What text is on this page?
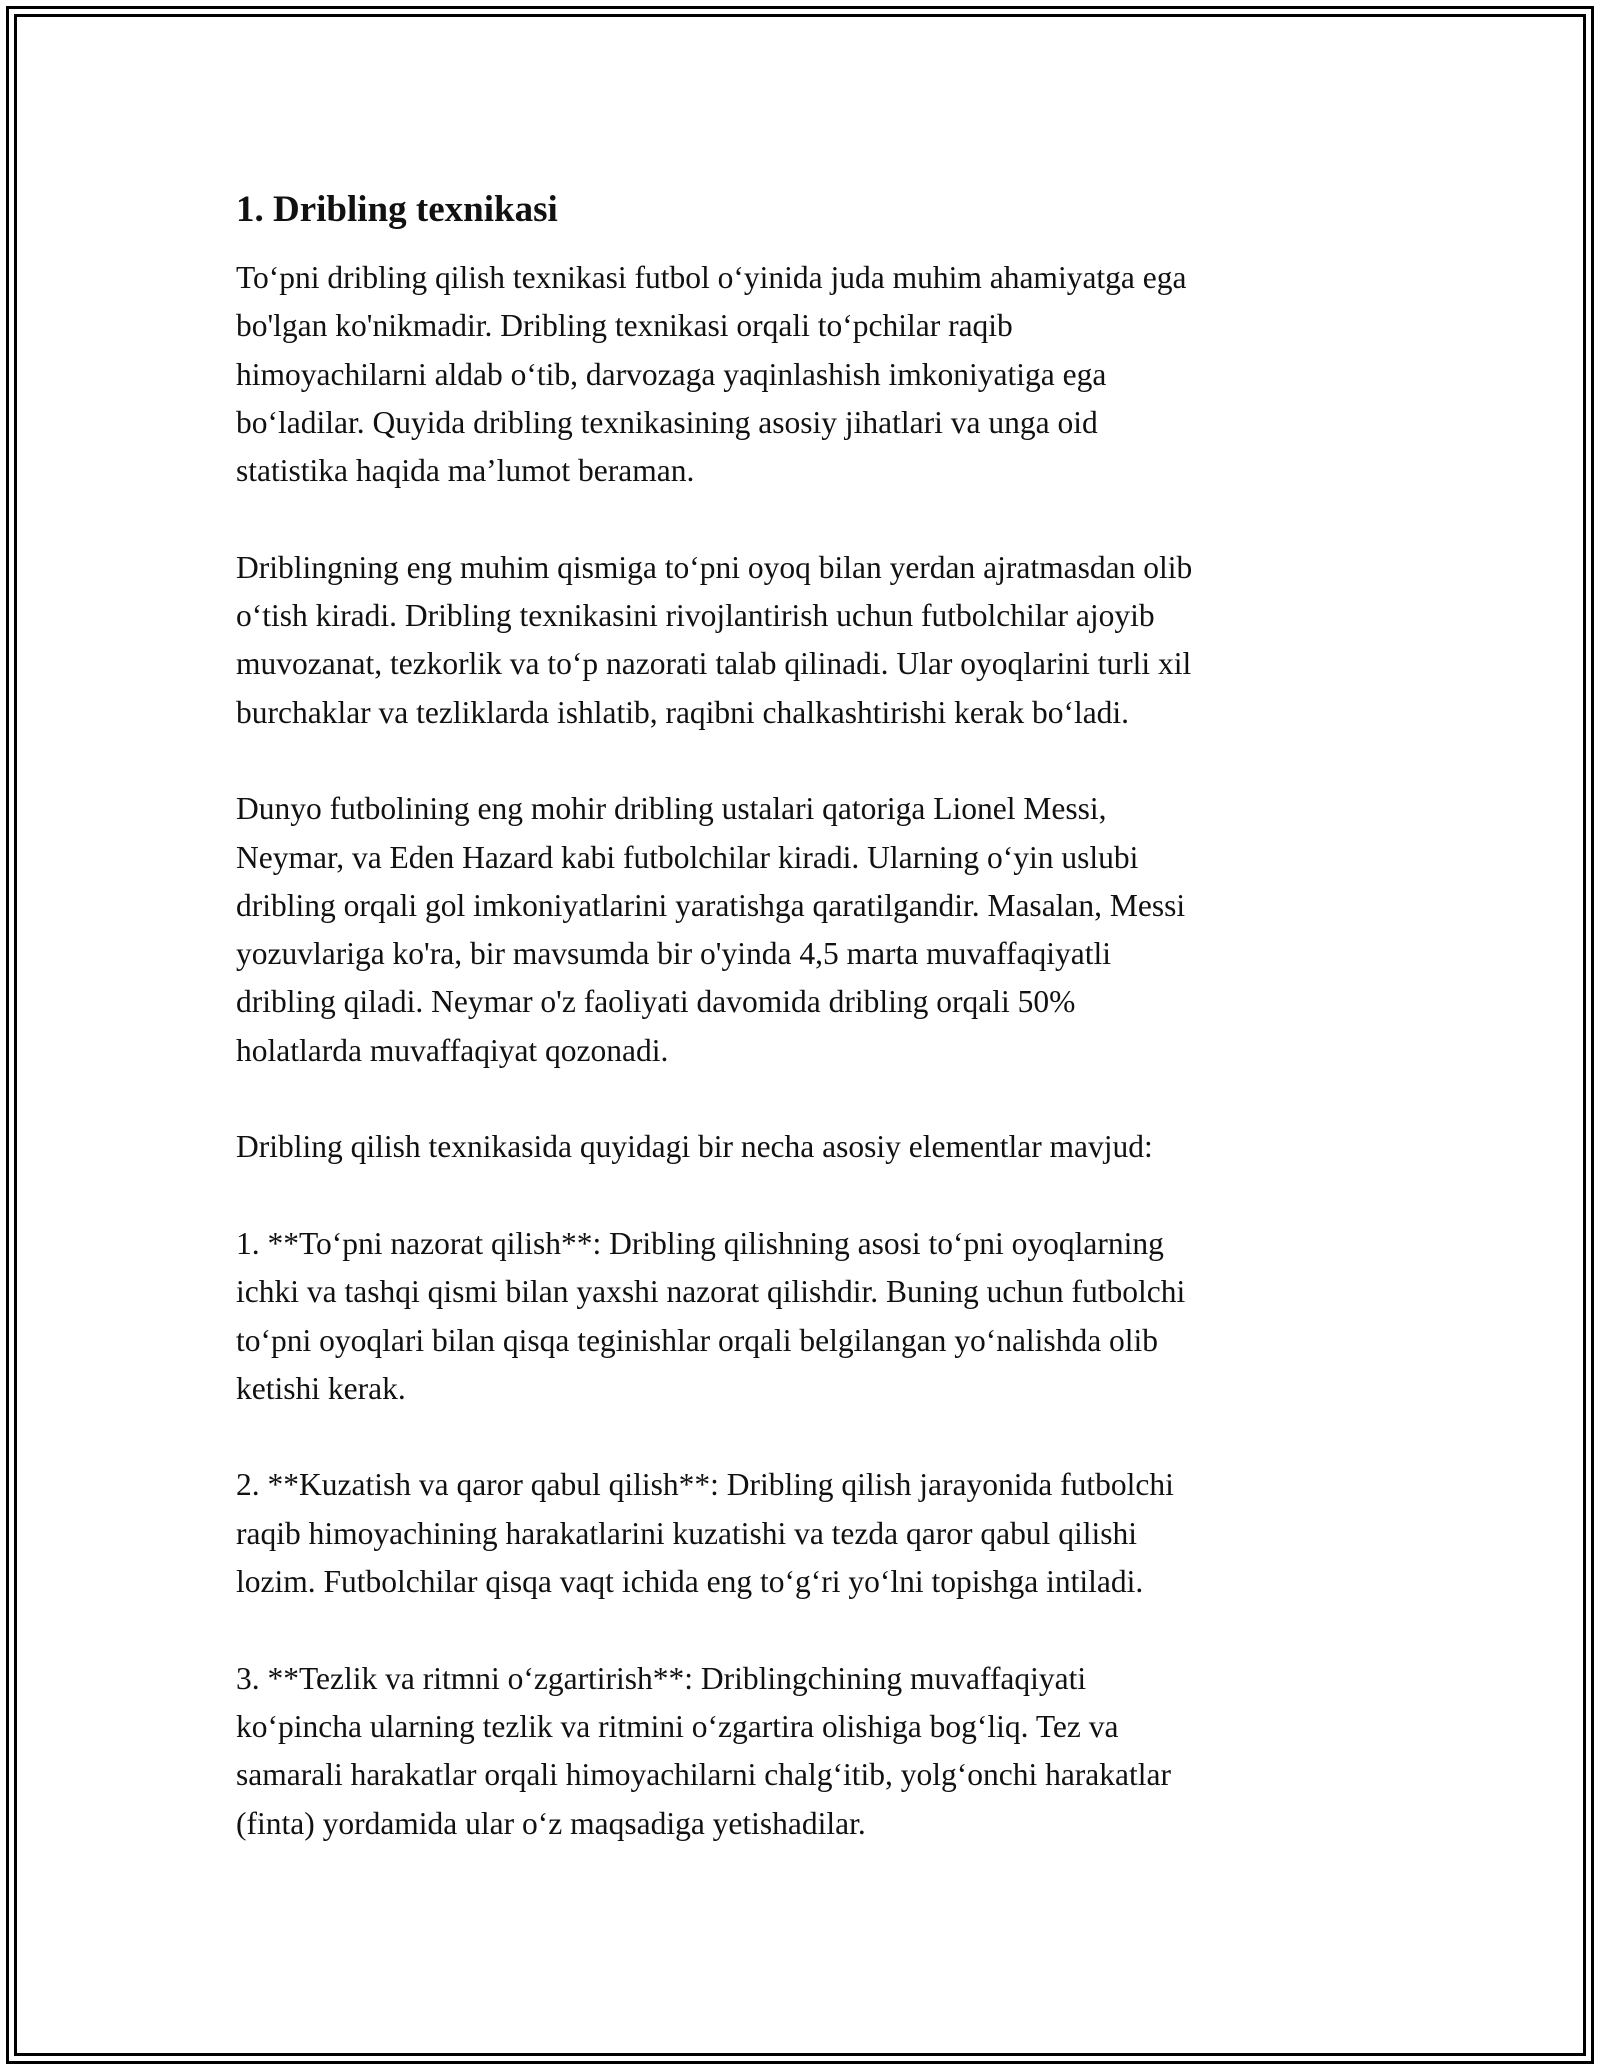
1. Dribling texnikasi

To‘pni dribling qilish texnikasi futbol o‘yinida juda muhim ahamiyatga ega
bo'lgan ko'nikmadir. Dribling texnikasi orqali to‘pchilar raqib
himoyachilarni aldab o‘tib, darvozaga yaqinlashish imkoniyatiga ega
bo‘ladilar. Quyida dribling texnikasining asosiy jihatlari va unga oid
statistika haqida ma’lumot beraman.

Driblingning eng muhim qismiga to‘pni oyoq bilan yerdan ajratmasdan olib
o‘tish kiradi. Dribling texnikasini rivojlantirish uchun futbolchilar ajoyib
muvozanat, tezkorlik va to‘p nazorati talab qilinadi. Ular oyoqlarini turli xil
burchaklar va tezliklarda ishlatib, raqibni chalkashtirishi kerak bo‘ladi.

Dunyo futbolining eng mohir dribling ustalari qatoriga Lionel Messi,
Neymar, va Eden Hazard kabi futbolchilar kiradi. Ularning o‘yin uslubi
dribling orqali gol imkoniyatlarini yaratishga qaratilgandir. Masalan, Messi
yozuvlariga ko'ra, bir mavsumda bir o'yinda 4,5 marta muvaffaqiyatli
dribling qiladi. Neymar o'z faoliyati davomida dribling orqali 50%
holatlarda muvaffaqiyat qozonadi.

Dribling qilish texnikasida quyidagi bir necha asosiy elementlar mavjud:

1. **To‘pni nazorat qilish**: Dribling qilishning asosi to‘pni oyoqlarning
ichki va tashqi qismi bilan yaxshi nazorat qilishdir. Buning uchun futbolchi
to‘pni oyoqlari bilan qisqa teginishlar orqali belgilangan yo‘nalishda olib
ketishi kerak.

2. **Kuzatish va qaror qabul qilish**: Dribling qilish jarayonida futbolchi
raqib himoyachining harakatlarini kuzatishi va tezda qaror qabul qilishi
lozim. Futbolchilar qisqa vaqt ichida eng to‘g‘ri yo‘lni topishga intiladi.

3. **Tezlik va ritmni o‘zgartirish**: Driblingchining muvaffaqiyati
ko‘pincha ularning tezlik va ritmini o‘zgartira olishiga bog‘liq. Tez va
samarali harakatlar orqali himoyachilarni chalg‘itib, yolg‘onchi harakatlar
(finta) yordamida ular o‘z maqsadiga yetishadilar.
